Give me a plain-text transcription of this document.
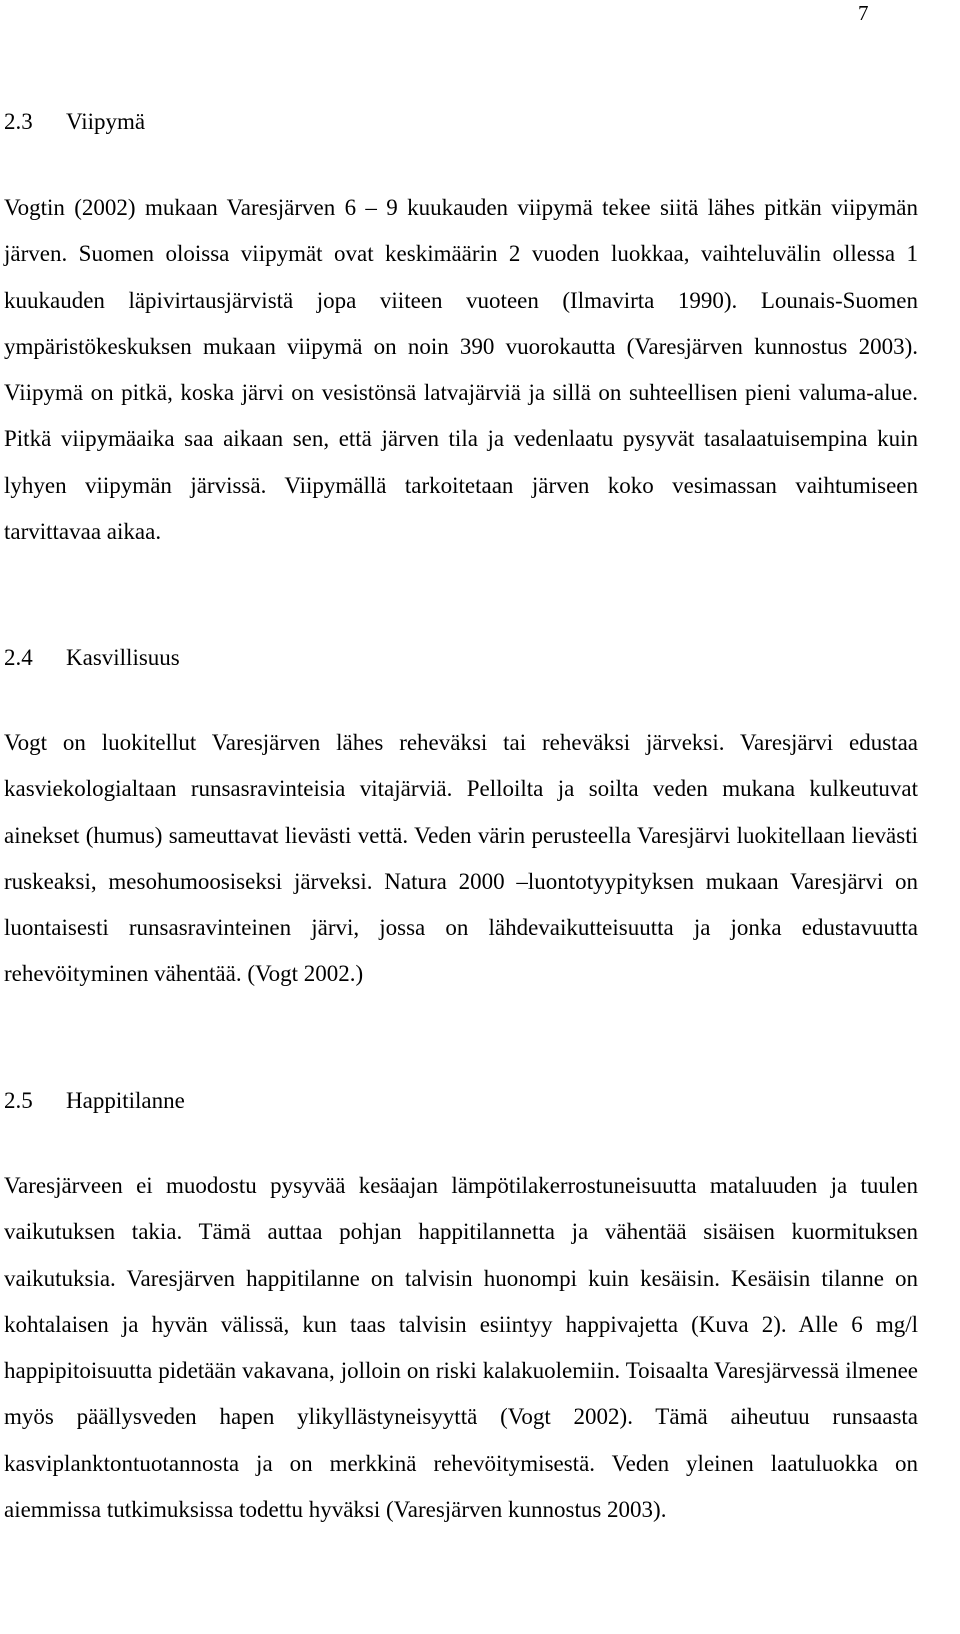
7
2.3 Viipymä
Vogtin (2002) mukaan Varesjärven 6 – 9 kuukauden viipymä tekee siitä lähes pitkän viipymän järven. Suomen oloissa viipymät ovat keskimäärin 2 vuoden luokkaa, vaihteluvälin ollessa 1 kuukauden läpivirtausjärvistä jopa viiteen vuoteen (Ilmavirta 1990). Lounais-Suomen ympäristökeskuksen mukaan viipymä on noin 390 vuorokautta (Varesjärven kunnostus 2003). Viipymä on pitkä, koska järvi on vesistönsä latvajärviä ja sillä on suhteellisen pieni valuma-alue. Pitkä viipymäaika saa aikaan sen, että järven tila ja vedenlaatu pysyvät tasalaatuisempina kuin lyhyen viipymän järvissä. Viipymällä tarkoitetaan järven koko vesimassan vaihtumiseen tarvittavaa aikaa.
2.4 Kasvillisuus
Vogt on luokitellut Varesjärven lähes reheväksi tai reheväksi järveksi. Varesjärvi edustaa kasviekologialtaan runsasravinteisia vitajärviä. Pelloilta ja soilta veden mukana kulkeutuvat ainekset (humus) sameuttavat lievästi vettä. Veden värin perusteella Varesjärvi luokitellaan lievästi ruskeaksi, mesohumoosiseksi järveksi. Natura 2000 –luontotyypityksen mukaan Varesjärvi on luontaisesti runsasravinteinen järvi, jossa on lähdevaikutteisuutta ja jonka edustavuutta rehevöityminen vähentää. (Vogt 2002.)
2.5 Happitilanne
Varesjärveen ei muodostu pysyvää kesäajan lämpötilakerrostuneisuutta mataluuden ja tuulen vaikutuksen takia. Tämä auttaa pohjan happitilannetta ja vähentää sisäisen kuormituksen vaikutuksia. Varesjärven happitilanne on talvisin huonompi kuin kesäisin. Kesäisin tilanne on kohtalaisen ja hyvän välissä, kun taas talvisin esiintyy happivajetta (Kuva 2). Alle 6 mg/l happipitoisuutta pidetään vakavana, jolloin on riski kalakuolemiin. Toisaalta Varesjärvessä ilmenee myös päällysveden hapen ylikyllästyneisyyttä (Vogt 2002). Tämä aiheutuu runsaasta kasviplanktontuotannosta ja on merkkinä rehevöitymisestä. Veden yleinen laatuluokka on aiemmissa tutkimuksissa todettu hyväksi (Varesjärven kunnostus 2003).
